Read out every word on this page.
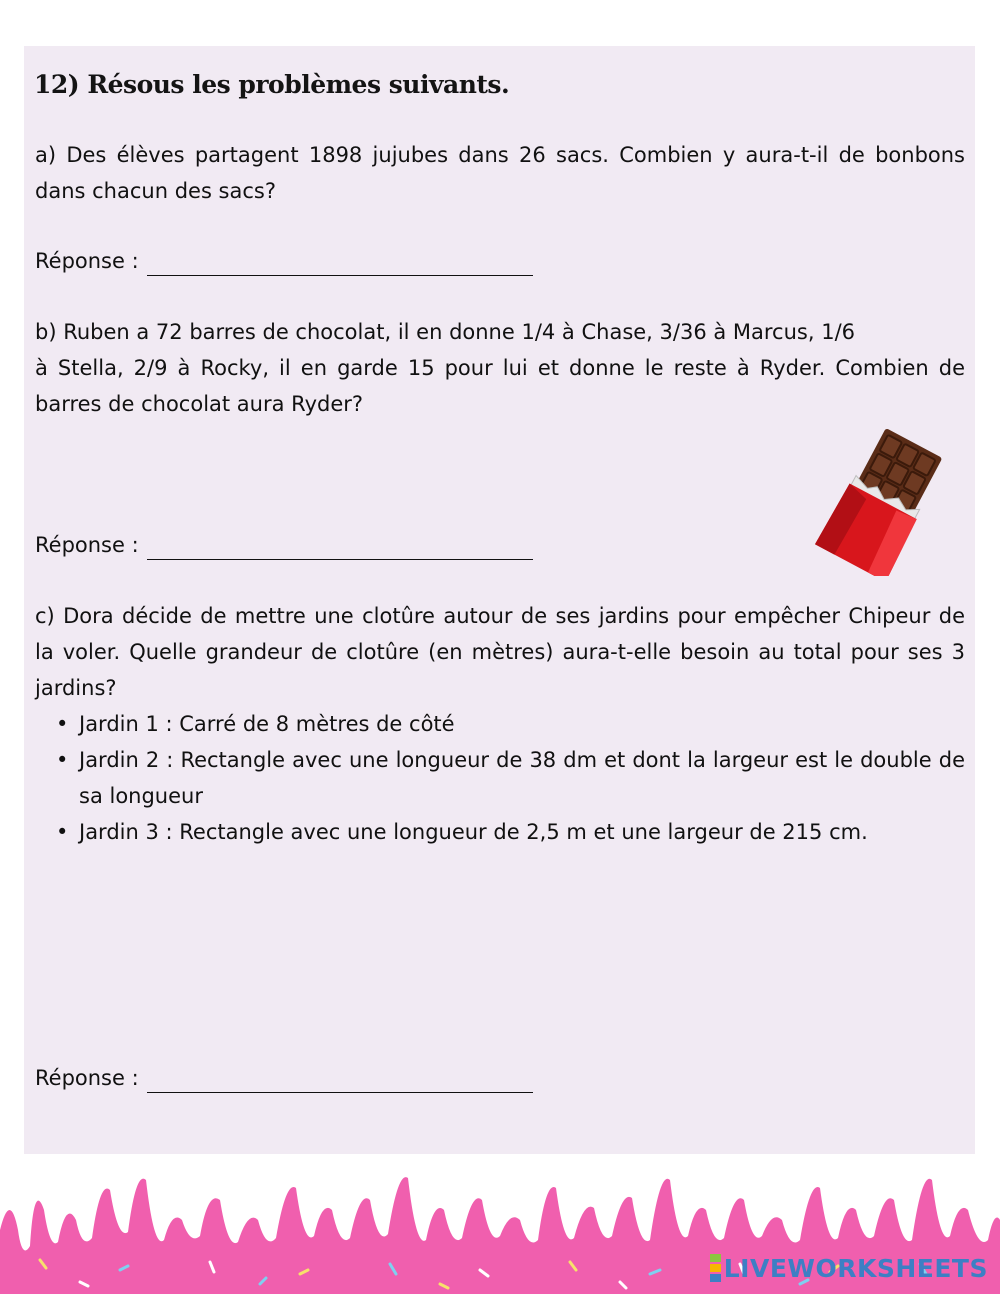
12) Résous les problèmes suivants.
a) Des élèves partagent 1898 jujubes dans 26 sacs. Combien y aura-t-il de bonbons dans chacun des sacs?
Réponse :
b) Ruben a 72 barres de chocolat, il en donne 1/4 à Chase, 3/36 à Marcus, 1/6
à Stella, 2/9 à Rocky, il en garde 15 pour lui et donne le reste à Ryder. Combien de barres de chocolat aura Ryder?
Réponse :
c) Dora décide de mettre une clotûre autour de ses jardins pour empêcher Chipeur de la voler. Quelle grandeur de clotûre (en mètres) aura-t-elle besoin au total pour ses 3 jardins?
• Jardin 1 : Carré de 8 mètres de côté
• Jardin 2 : Rectangle avec une longueur de 38 dm et dont la largeur est le double de sa longueur
• Jardin 3 : Rectangle avec une longueur de 2,5 m et une largeur de 215 cm.
Réponse :
LIVEWORKSHEETS
